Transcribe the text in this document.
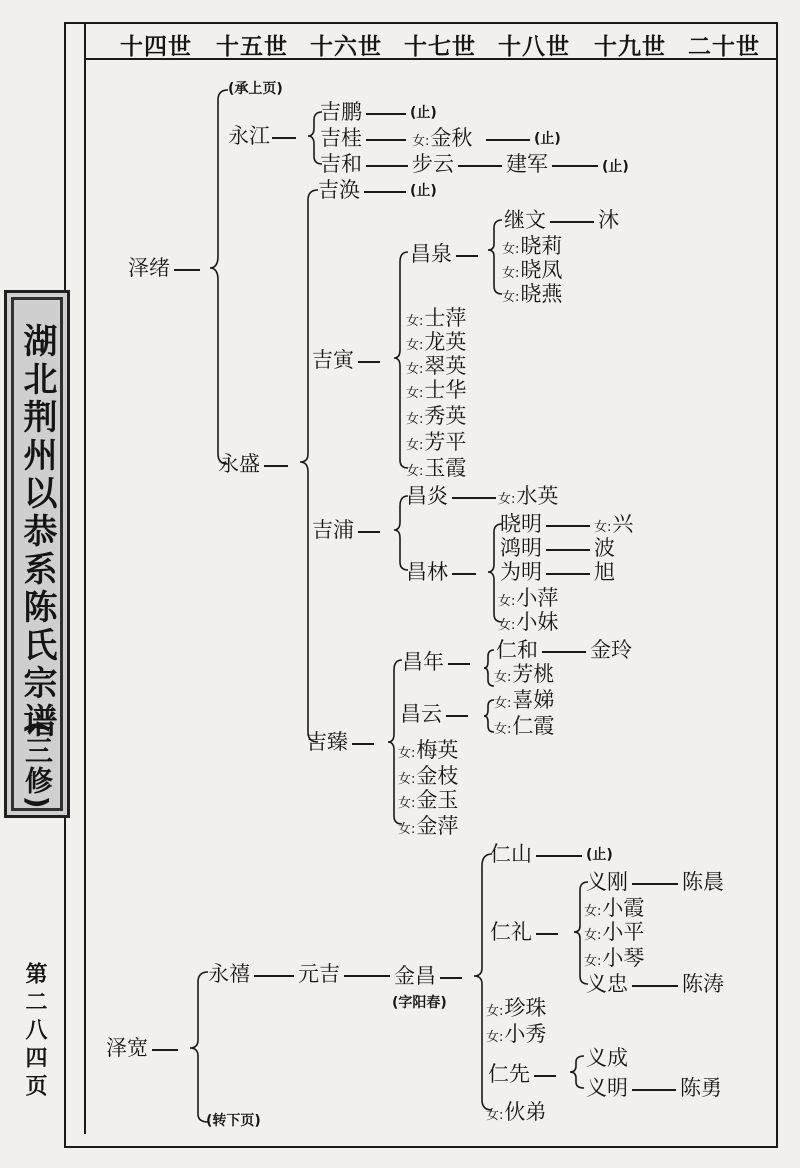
十四世 十五世 十六世 十七世 十八世 十九世 二十世
湖北荆州以恭系陈氏宗谱
(三修)
第二八四页
(承上页)
(转下页)
泽绪
永江
吉鹏	(止)
吉桂	女:金秋	(止)
吉和 步云 建军	(止)
永盛
吉涣	(止)
吉寅
昌泉
继文 沐
女:晓莉
女:晓凤
女:晓燕
女:士萍
女:龙英
女:翠英
女:士华
女:秀英
女:芳平
女:玉霞
吉浦
昌炎	女:水英
昌林
晓明	女:兴
鸿明 波
为明 旭
女:小萍
女:小妹
吉臻
昌年 仁和 金玲
女:芳桃
昌云	女:喜娣
女:仁霞
女:梅英
女:金枝
女:金玉
女:金萍
泽宽
永禧 元吉	金昌
(字阳春)
仁山	(止)
仁礼
义刚	陈晨
女:小霞
女:小平
女:小琴
义忠	陈涛
女:珍珠
女:小秀
仁先
义成
义明 陈勇
女:伙弟
